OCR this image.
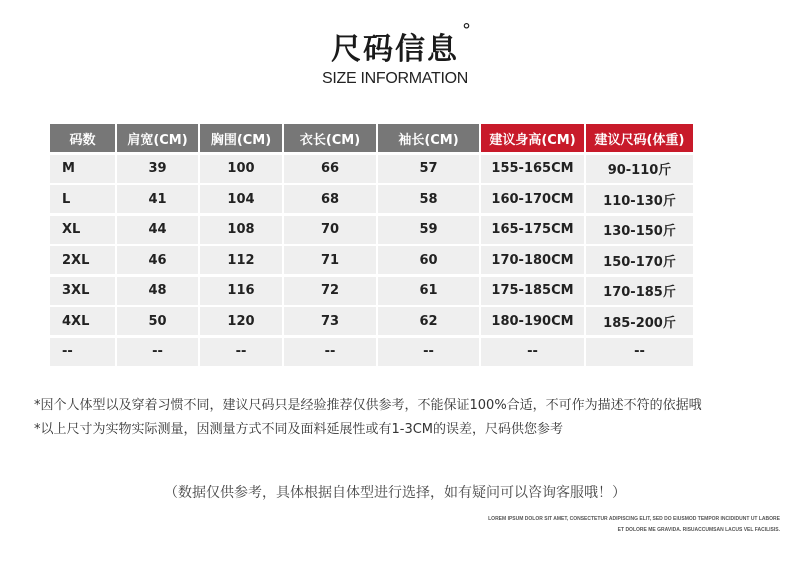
尺码信息
°
SIZE INFORMATION
码数	肩宽(CM)	胸围(CM)	衣长(CM)	袖长(CM)	建议身高(CM)	建议尺码(体重)
M	39	100	66	57	155-165CM	90-110斤
L	41	104	68	58	160-170CM	110-130斤
XL	44	108	70	59	165-175CM	130-150斤
2XL	46	112	71	60	170-180CM	150-170斤
3XL	48	116	72	61	175-185CM	170-185斤
4XL	50	120	73	62	180-190CM	185-200斤
--	--	--	--	--	--	--
*因个人体型以及穿着习惯不同，建议尺码只是经验推荐仅供参考，不能保证100%合适，不可作为描述不符的依据哦
*以上尺寸为实物实际测量，因测量方式不同及面料延展性或有1-3CM的误差，尺码供您参考
（数据仅供参考，具体根据自体型进行选择，如有疑问可以咨询客服哦！）
LOREM IPSUM DOLOR SIT AMET, CONSECTETUR ADIPISCING ELIT, SED DO EIUSMOD TEMPOR INCIDIDUNT UT LABORE
ET DOLORE ME GRAVIDA. RISUACCUMSAN LACUS VEL FACILISIS.
